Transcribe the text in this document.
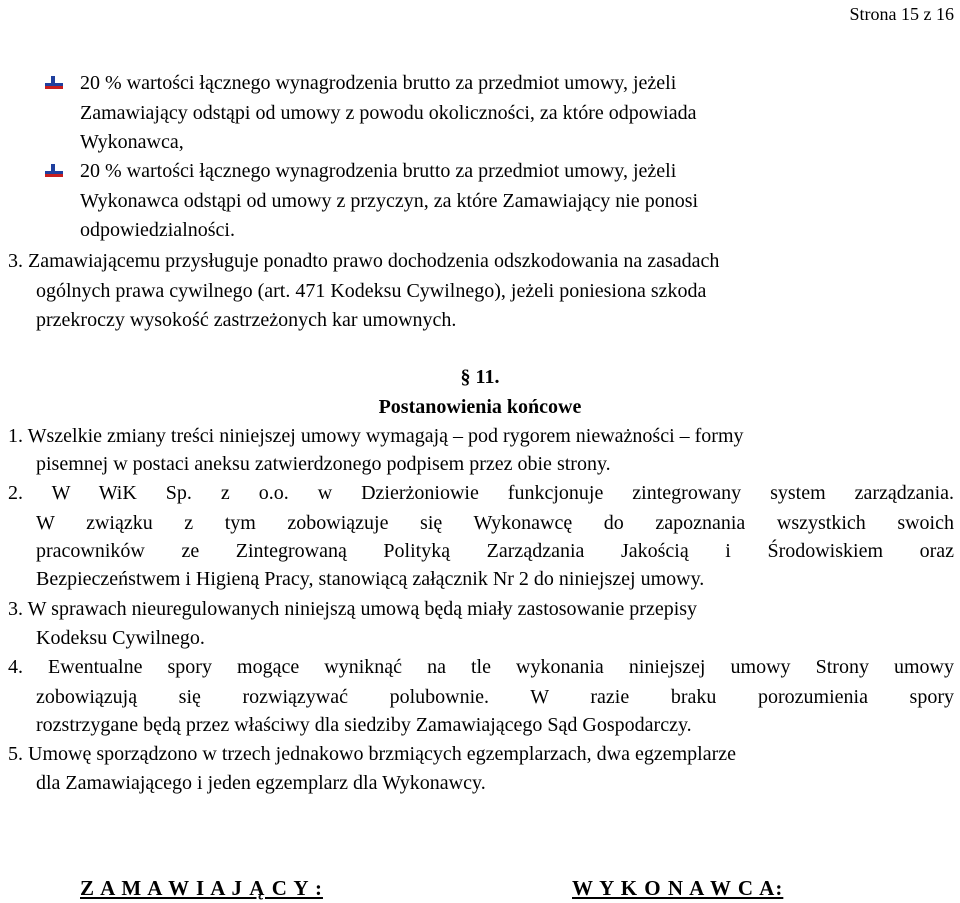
Strona 15 z 16
20 % wartości łącznego wynagrodzenia brutto za przedmiot umowy, jeżeli
Zamawiający odstąpi od umowy z powodu okoliczności, za które odpowiada
Wykonawca,
20 % wartości łącznego wynagrodzenia brutto za przedmiot umowy, jeżeli
Wykonawca odstąpi od umowy z przyczyn, za które Zamawiający nie ponosi
odpowiedzialności.
3. Zamawiającemu przysługuje ponadto prawo dochodzenia odszkodowania na zasadach
ogólnych prawa cywilnego (art. 471 Kodeksu Cywilnego), jeżeli poniesiona szkoda
przekroczy wysokość zastrzeżonych kar umownych.
§ 11.
Postanowienia końcowe
1. Wszelkie zmiany treści niniejszej umowy wymagają – pod rygorem nieważności – formy
pisemnej w postaci aneksu zatwierdzonego podpisem przez obie strony.
2. W WiK Sp. z o.o. w Dzierżoniowie funkcjonuje zintegrowany system zarządzania.
W związku z tym zobowiązuje się Wykonawcę do zapoznania wszystkich swoich
pracowników ze Zintegrowaną Polityką Zarządzania Jakością i Środowiskiem oraz
Bezpieczeństwem i Higieną Pracy, stanowiącą załącznik Nr 2 do niniejszej umowy.
3. W sprawach nieuregulowanych niniejszą umową będą miały zastosowanie przepisy
Kodeksu Cywilnego.
4. Ewentualne spory mogące wyniknąć na tle wykonania niniejszej umowy Strony umowy
zobowiązują się rozwiązywać polubownie. W razie braku porozumienia spory
rozstrzygane będą przez właściwy dla siedziby Zamawiającego Sąd Gospodarczy.
5. Umowę sporządzono w trzech jednakowo brzmiących egzemplarzach, dwa egzemplarze
dla Zamawiającego i jeden egzemplarz dla Wykonawcy.
Z A M A W I A J Ą C Y :	W Y K O N A W C A:
